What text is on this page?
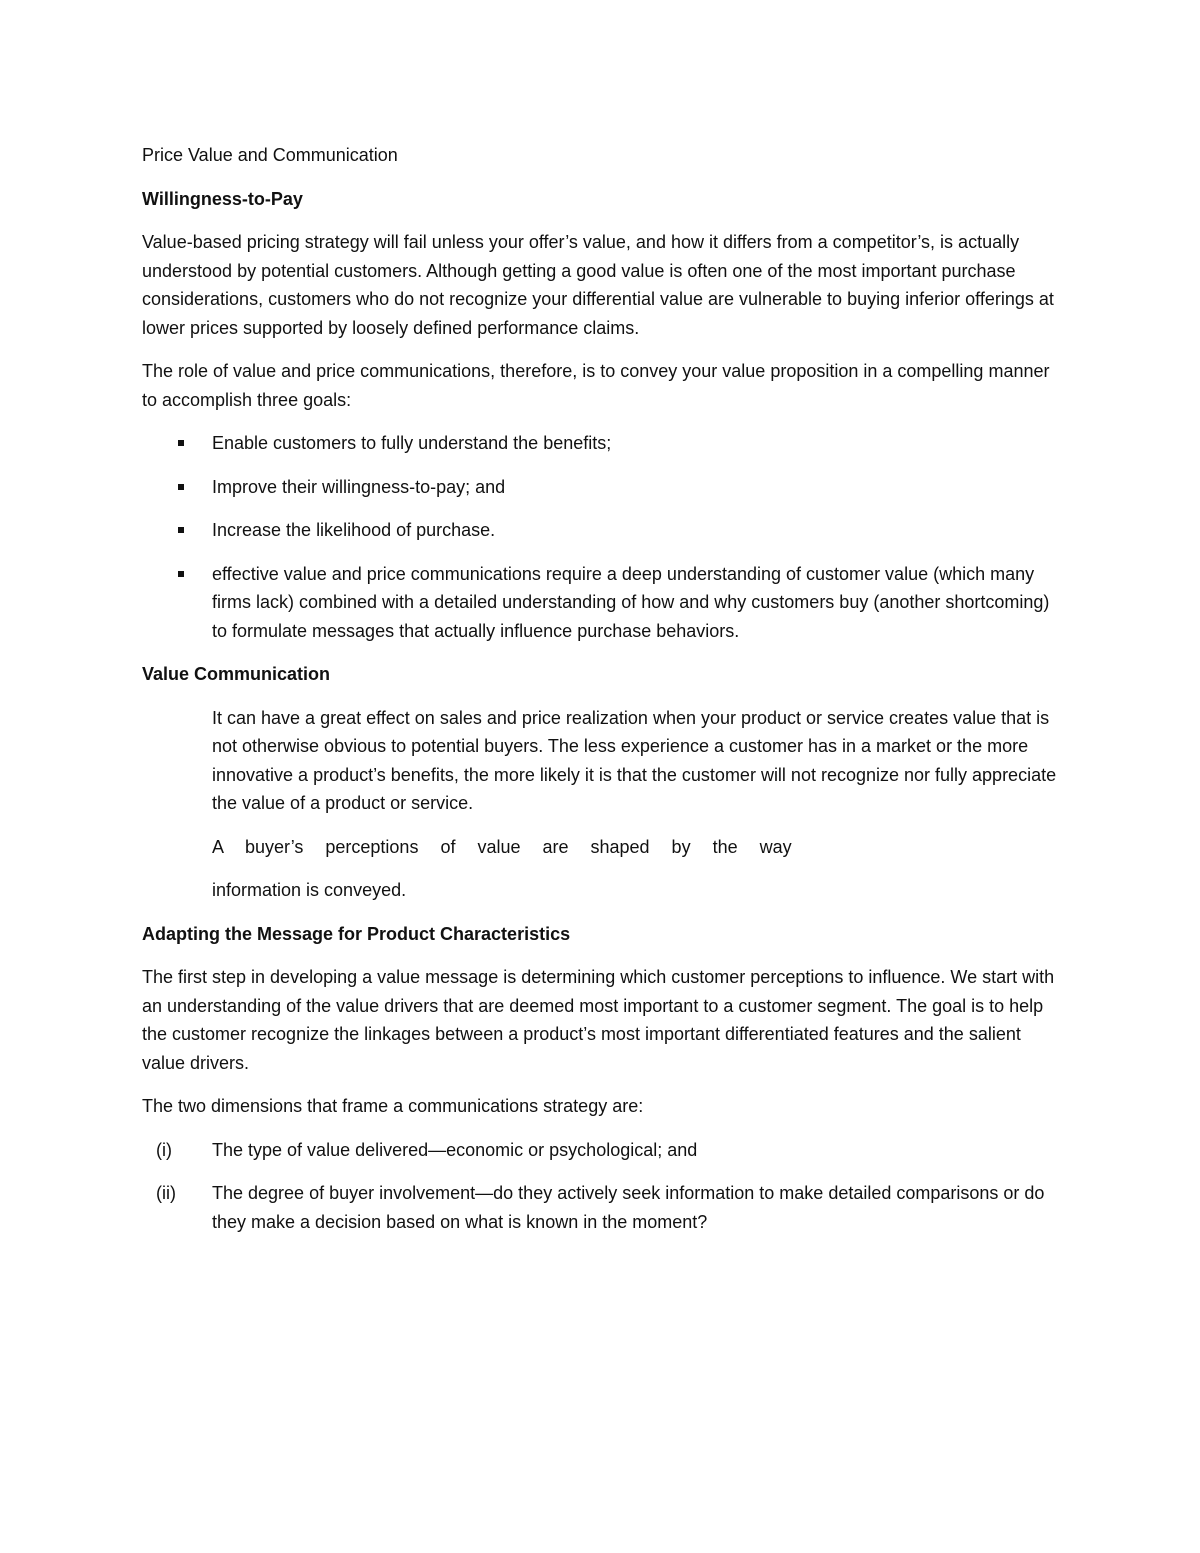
Price Value and Communication

Willingness-to-Pay

Value-based pricing strategy will fail unless your offer’s value, and how it differs from a competitor’s, is actually understood by potential customers. Although getting a good value is often one of the most important purchase considerations, customers who do not recognize your differential value are vulnerable to buying inferior offerings at lower prices supported by loosely defined performance claims.

The role of value and price communications, therefore, is to convey your value proposition in a compelling manner to accomplish three goals:

Enable customers to fully understand the benefits;
Improve their willingness-to-pay; and
Increase the likelihood of purchase.
effective value and price communications require a deep understanding of customer value (which many firms lack) combined with a detailed understanding of how and why customers buy (another shortcoming) to formulate messages that actually influence purchase behaviors.

Value Communication

It can have a great effect on sales and price realization when your product or service creates value that is not otherwise obvious to potential buyers. The less experience a customer has in a market or the more innovative a product’s benefits, the more likely it is that the customer will not recognize nor fully appreciate the value of a product or service.

A buyer’s perceptions of value are shaped by the way

information is conveyed.

Adapting the Message for Product Characteristics

The first step in developing a value message is determining which customer perceptions to influence. We start with an understanding of the value drivers that are deemed most important to a customer segment. The goal is to help the customer recognize the linkages between a product’s most important differentiated features and the salient value drivers.

The two dimensions that frame a communications strategy are:

(i) The type of value delivered—economic or psychological; and
(ii) The degree of buyer involvement—do they actively seek information to make detailed comparisons or do they make a decision based on what is known in the moment?
